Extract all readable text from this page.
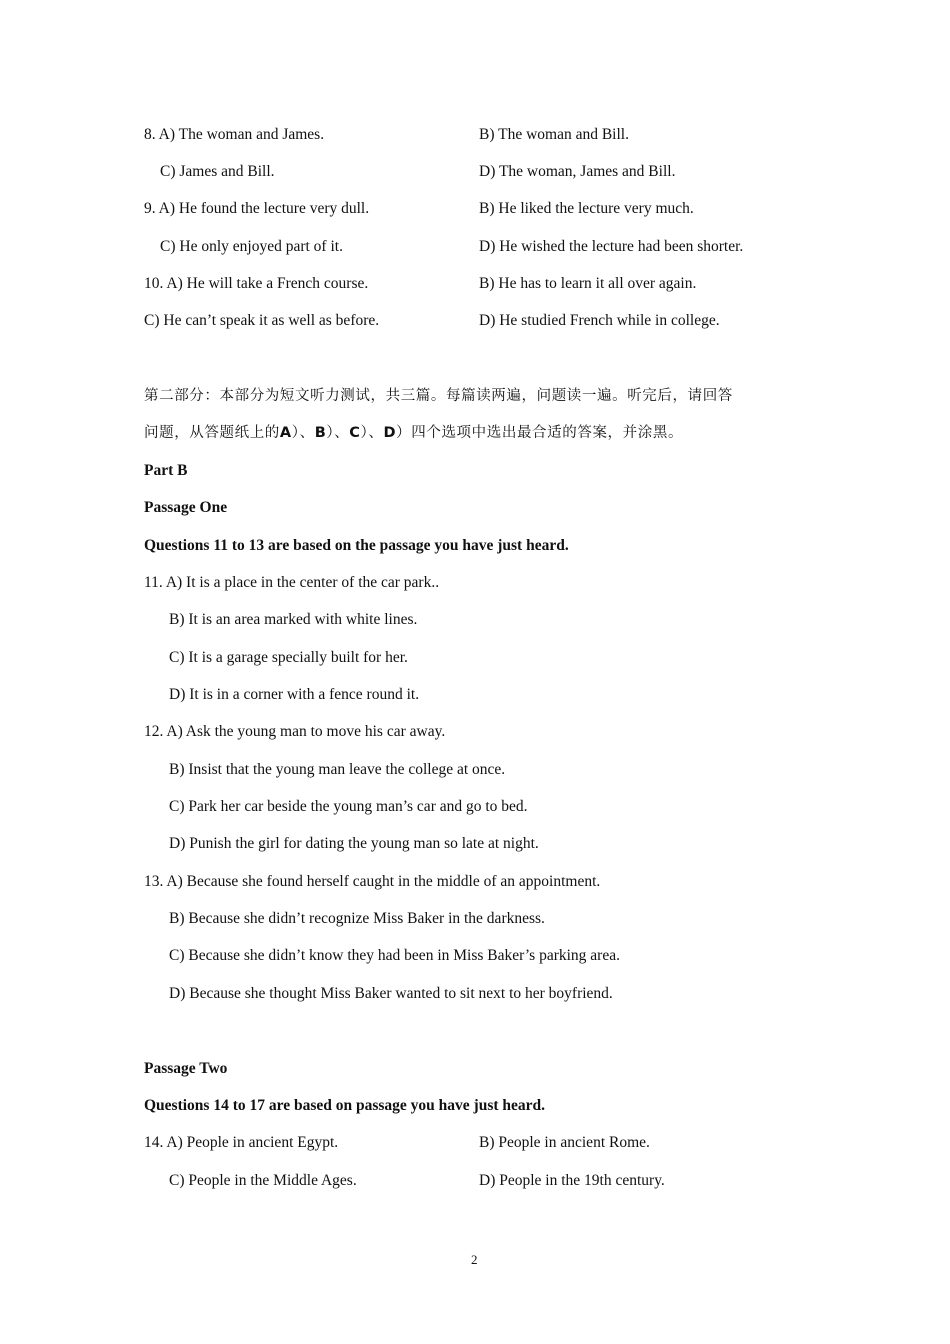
8. A) The woman and James.	B) The woman and Bill.
C) James and Bill.	D) The woman, James and Bill.
9. A) He found the lecture very dull.	B) He liked the lecture very much.
C) He only enjoyed part of it.	D) He wished the lecture had been shorter.
10. A) He will take a French course.	B) He has to learn it all over again.
C) He can’t speak it as well as before.	D) He studied French while in college.
第二部分：本部分为短文听力测试，共三篇。每篇读两遍，问题读一遍。听完后，请回答
问题，从答题纸上的A）、B）、C）、D）四个选项中选出最合适的答案，并涂黑。
Part B
Passage One
Questions 11 to 13 are based on the passage you have just heard.
11. A) It is a place in the center of the car park..
B) It is an area marked with white lines.
C) It is a garage specially built for her.
D) It is in a corner with a fence round it.
12. A) Ask the young man to move his car away.
B) Insist that the young man leave the college at once.
C) Park her car beside the young man’s car and go to bed.
D) Punish the girl for dating the young man so late at night.
13. A) Because she found herself caught in the middle of an appointment.
B) Because she didn’t recognize Miss Baker in the darkness.
C) Because she didn’t know they had been in Miss Baker’s parking area.
D) Because she thought Miss Baker wanted to sit next to her boyfriend.
Passage Two
Questions 14 to 17 are based on passage you have just heard.
14. A) People in ancient Egypt.	B) People in ancient Rome.
C) People in the Middle Ages.	D) People in the 19th century.
2
